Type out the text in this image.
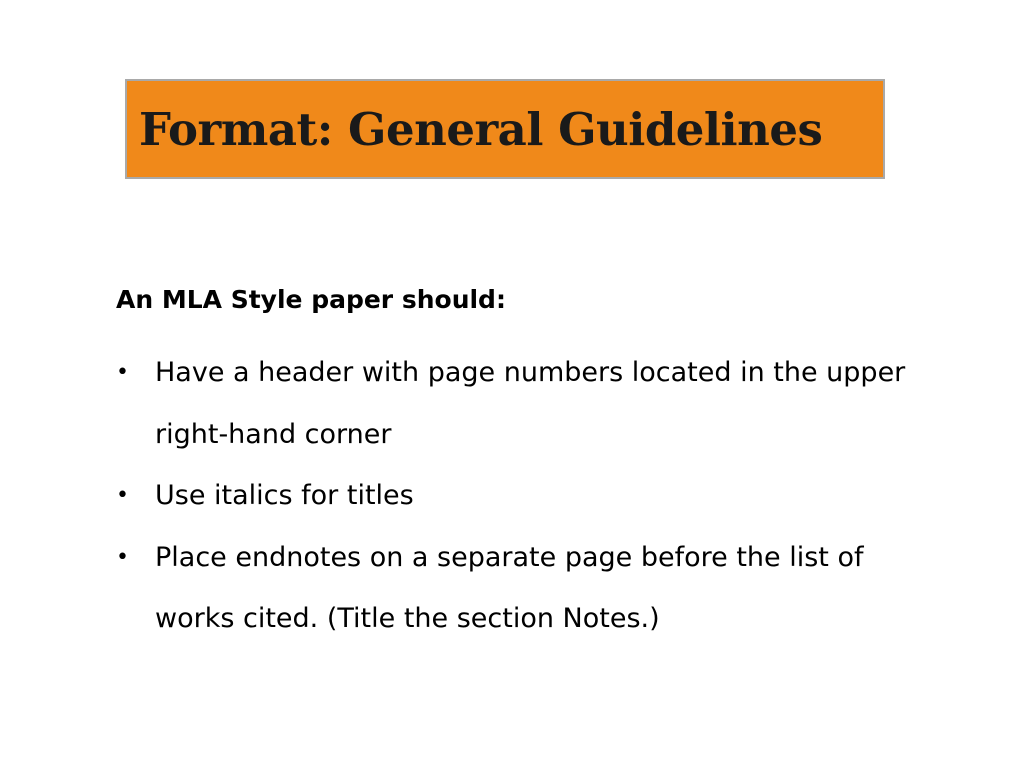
Format: General Guidelines

An MLA Style paper should:

• Have a header with page numbers located in the upper right-hand corner
• Use italics for titles
• Place endnotes on a separate page before the list of works cited. (Title the section Notes.)
